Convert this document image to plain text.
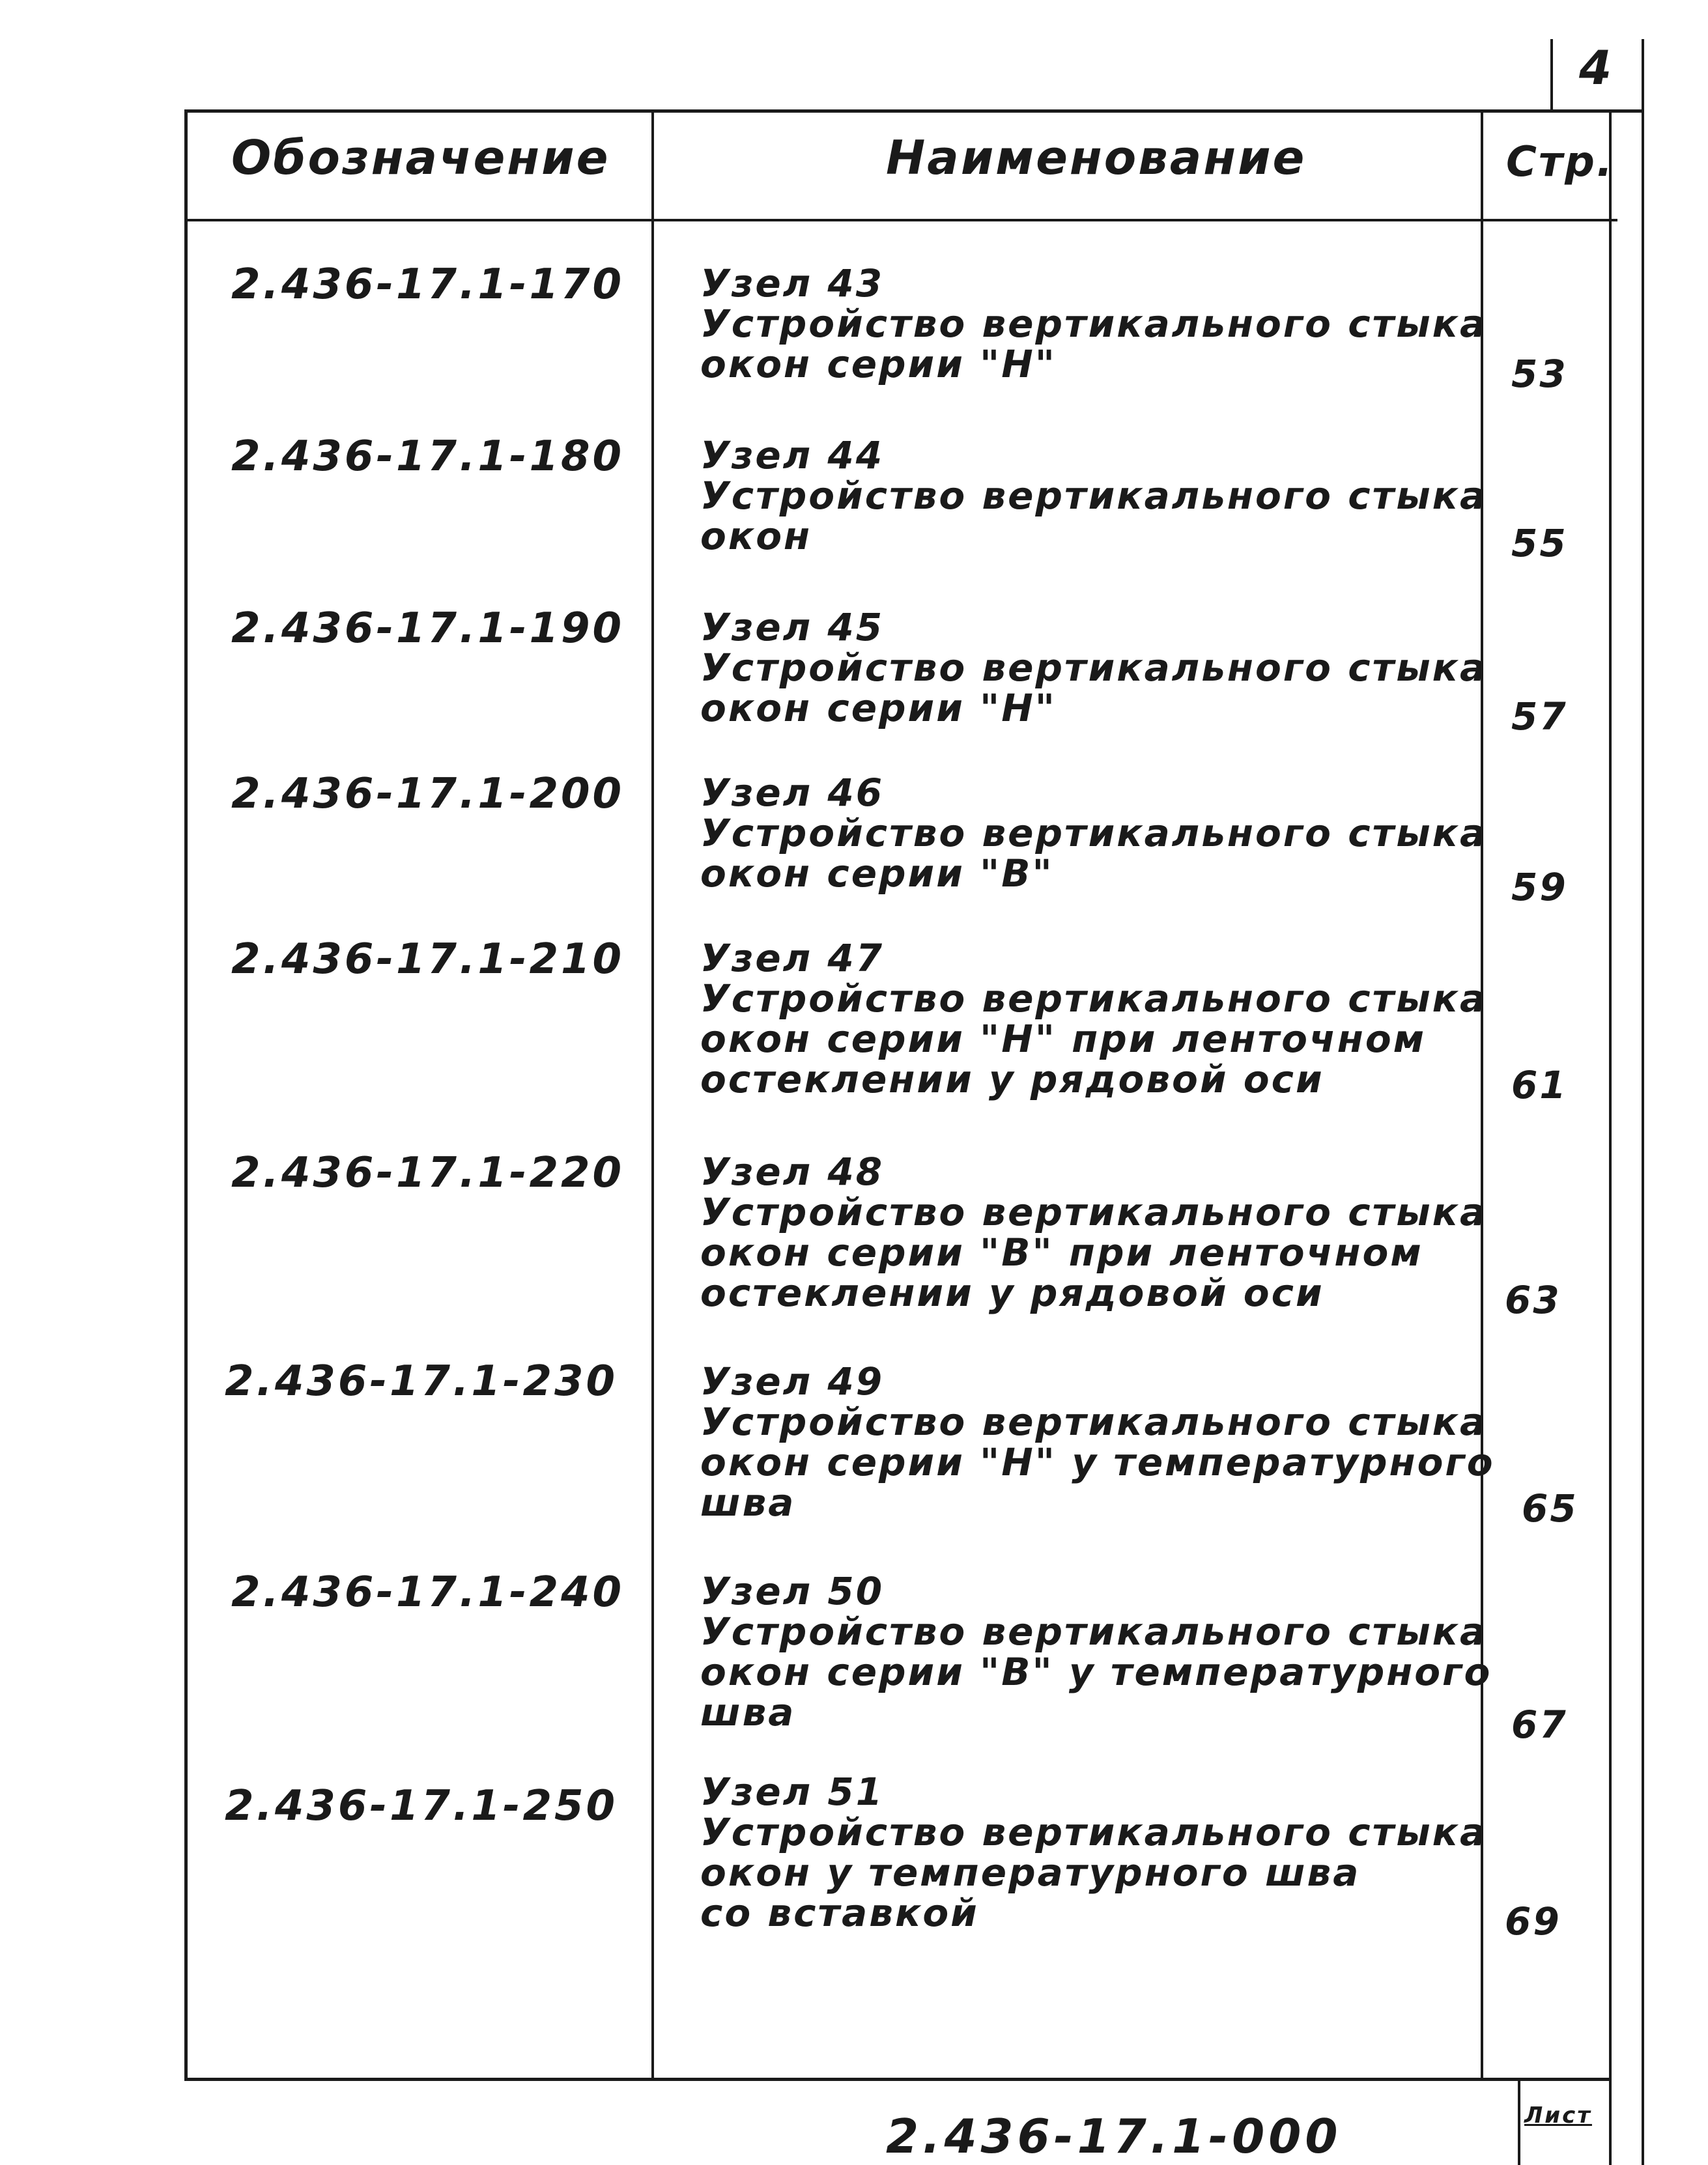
4
Обозначение	Наименование	Стр.
2.436-17.1-170 Узел 43
Устройство вертикального стыка
окон серии "Н"	53
2.436-17.1-180 Узел 44
Устройство вертикального стыка
окон	55
2.436-17.1-190 Узел 45
Устройство вертикального стыка
окон серии "Н"	57
2.436-17.1-200 Узел 46
Устройство вертикального стыка
окон серии "В"	59
2.436-17.1-210 Узел 47
Устройство вертикального стыка
окон серии "Н" при ленточном
остеклении у рядовой оси	61
2.436-17.1-220 Узел 48
Устройство вертикального стыка
окон серии "В" при ленточном
остеклении у рядовой оси	63
2.436-17.1-230 Узел 49
Устройство вертикального стыка
окон серии "Н" у температурного
шва	65
2.436-17.1-240 Узел 50
Устройство вертикального стыка
окон серии "В" у температурного
шва	67
2.436-17.1-250 Узел 51
Устройство вертикального стыка
окон у температурного шва
со вставкой	69
Лист
2.436-17.1-000
